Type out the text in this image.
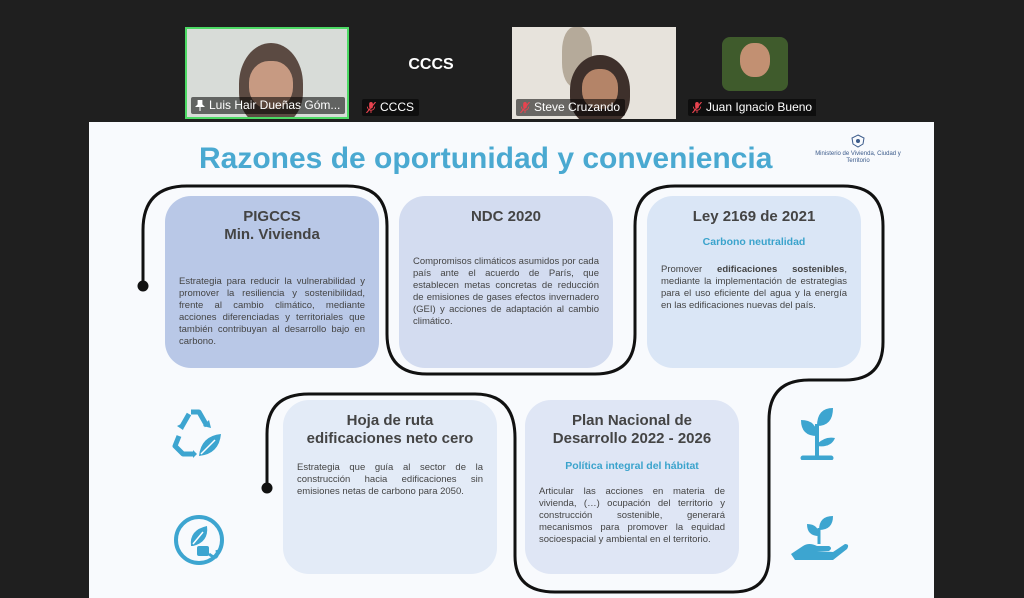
Luis Hair Dueñas Góm...
CCCS
CCCS	Steve Cruzando	Juan Ignacio Bueno
Razones de oportunidad y conveniencia	Ministerio de Vivienda, Ciudad y Territorio
PIGCCS
Min. Vivienda

Estrategia para reducir la vulnerabilidad y promover la resiliencia y sostenibilidad, frente al cambio climático, mediante acciones diferenciadas y territoriales que también contribuyan al desarrollo bajo en carbono.

NDC 2020

Compromisos climáticos asumidos por cada país ante el acuerdo de París, que establecen metas concretas de reducción de emisiones de gases efectos invernadero (GEI) y acciones de adaptación al cambio climático.

Ley 2169 de 2021
Carbono neutralidad

Promover edificaciones sostenibles, mediante la implementación de estrategias para el uso eficiente del agua y la energía en las edificaciones nuevas del país.

Hoja de ruta
edificaciones neto cero

Estrategia que guía al sector de la construcción hacia edificaciones sin emisiones netas de carbono para 2050.

Plan Nacional de
Desarrollo 2022 - 2026
Política integral del hábitat

Articular las acciones en materia de vivienda, (…) ocupación del territorio y construcción sostenible, generará mecanismos para promover la equidad socioespacial y ambiental en el territorio.
